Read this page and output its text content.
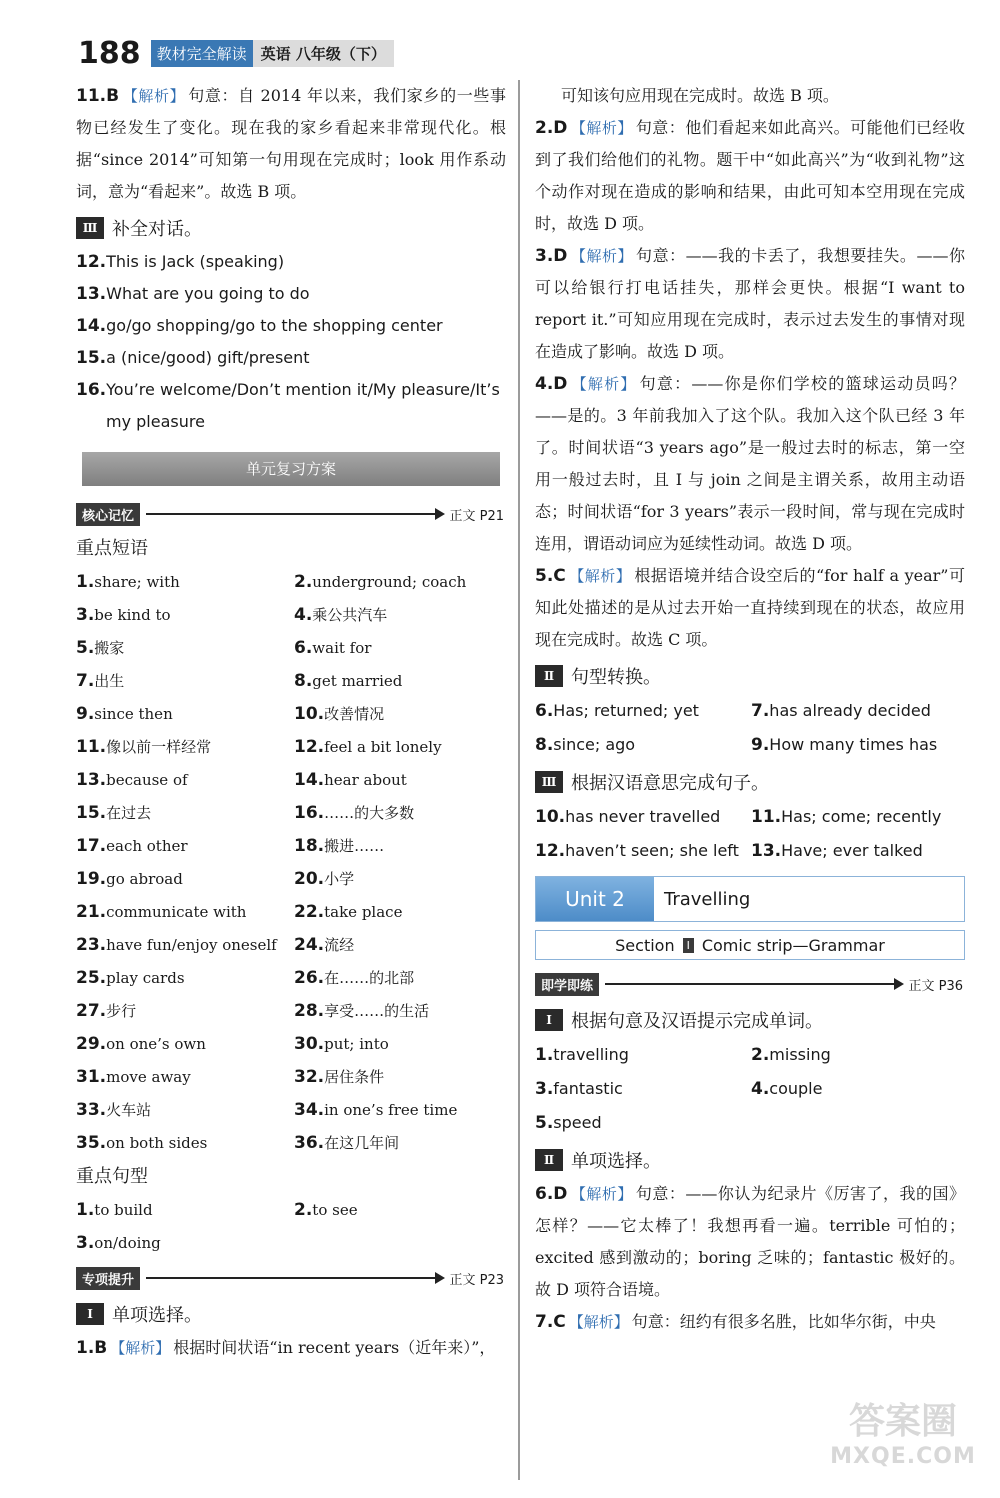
188	教材完全解读 英语 八年级（下）
11.B 【解析】 句意：自 2014 年以来，我们家乡的一些事物已经发生了变化。现在我的家乡看起来非常现代化。根据“since 2014”可知第一句用现在完成时；look 用作系动词，意为“看起来”。故选 B 项。
Ⅲ 补全对话。
12.This is Jack (speaking)
13.What are you going to do
14.go/go shopping/go to the shopping center
15.a (nice/good) gift/present
16.You’re welcome/Don’t mention it/My pleasure/It’s
my pleasure
单元复习方案
核心记忆	正文 P21
重点短语
1.share; with	2.underground; coach
3.be kind to	4.乘公共汽车
5.搬家	6.wait for
7.出生	8.get married
9.since then	10.改善情况
11.像以前一样经常	12.feel a bit lonely
13.because of	14.hear about
15.在过去	16.……的大多数
17.each other	18.搬进……
19.go abroad	20.小学
21.communicate with	22.take place
23.have fun/enjoy oneself	24.流经
25.play cards	26.在……的北部
27.步行	28.享受……的生活
29.on one’s own	30.put; into
31.move away	32.居住条件
33.火车站	34.in one’s free time
35.on both sides	36.在这几年间
重点句型
1.to build	2.to see
3.on/doing
专项提升	正文 P23
Ⅰ	单项选择。
1.B 【解析】 根据时间状语“in recent years（近年来）”，
可知该句应用现在完成时。故选 B 项。
2.D 【解析】 句意：他们看起来如此高兴。可能他们已经收到了我们给他们的礼物。题干中“如此高兴”为“收到礼物”这个动作对现在造成的影响和结果，由此可知本空用现在完成时，故选 D 项。
3.D 【解析】 句意：——我的卡丢了，我想要挂失。——你可以给银行打电话挂失，那样会更快。根据“I want to report it.”可知应用现在完成时，表示过去发生的事情对现在造成了影响。故选 D 项。
4.D 【解析】 句意：——你是你们学校的篮球运动员吗？——是的。3 年前我加入了这个队。我加入这个队已经 3 年了。时间状语“3 years ago”是一般过去时的标志，第一空用一般过去时，且 I 与 join 之间是主谓关系，故用主动语态；时间状语“for 3 years”表示一段时间，常与现在完成时连用，谓语动词应为延续性动词。故选 D 项。
5.C 【解析】 根据语境并结合设空后的“for half a year”可知此处描述的是从过去开始一直持续到现在的状态，故应用现在完成时。故选 C 项。
Ⅱ 句型转换。
6.Has; returned; yet	7.has already decided
8.since; ago	9.How many times has
Ⅲ 根据汉语意思完成句子。
10.has never travelled	11.Has; come; recently
12.haven’t seen; she left 13.Have; ever talked
Unit 2	Travelling
Section	Ⅰ Comic strip—Grammar
即学即练	正文 P36
Ⅰ	根据句意及汉语提示完成单词。
1.travelling	2.missing
3.fantastic	4.couple
5.speed
Ⅱ 单项选择。
6.D 【解析】 句意：——你认为纪录片《厉害了，我的国》怎样？——它太棒了！我想再看一遍。terrible 可怕的；excited 感到激动的；boring 乏味的；fantastic 极好的。故 D 项符合语境。
7.C 【解析】 句意：纽约有很多名胜，比如华尔街，中央
答案圈
MXQE.COM
